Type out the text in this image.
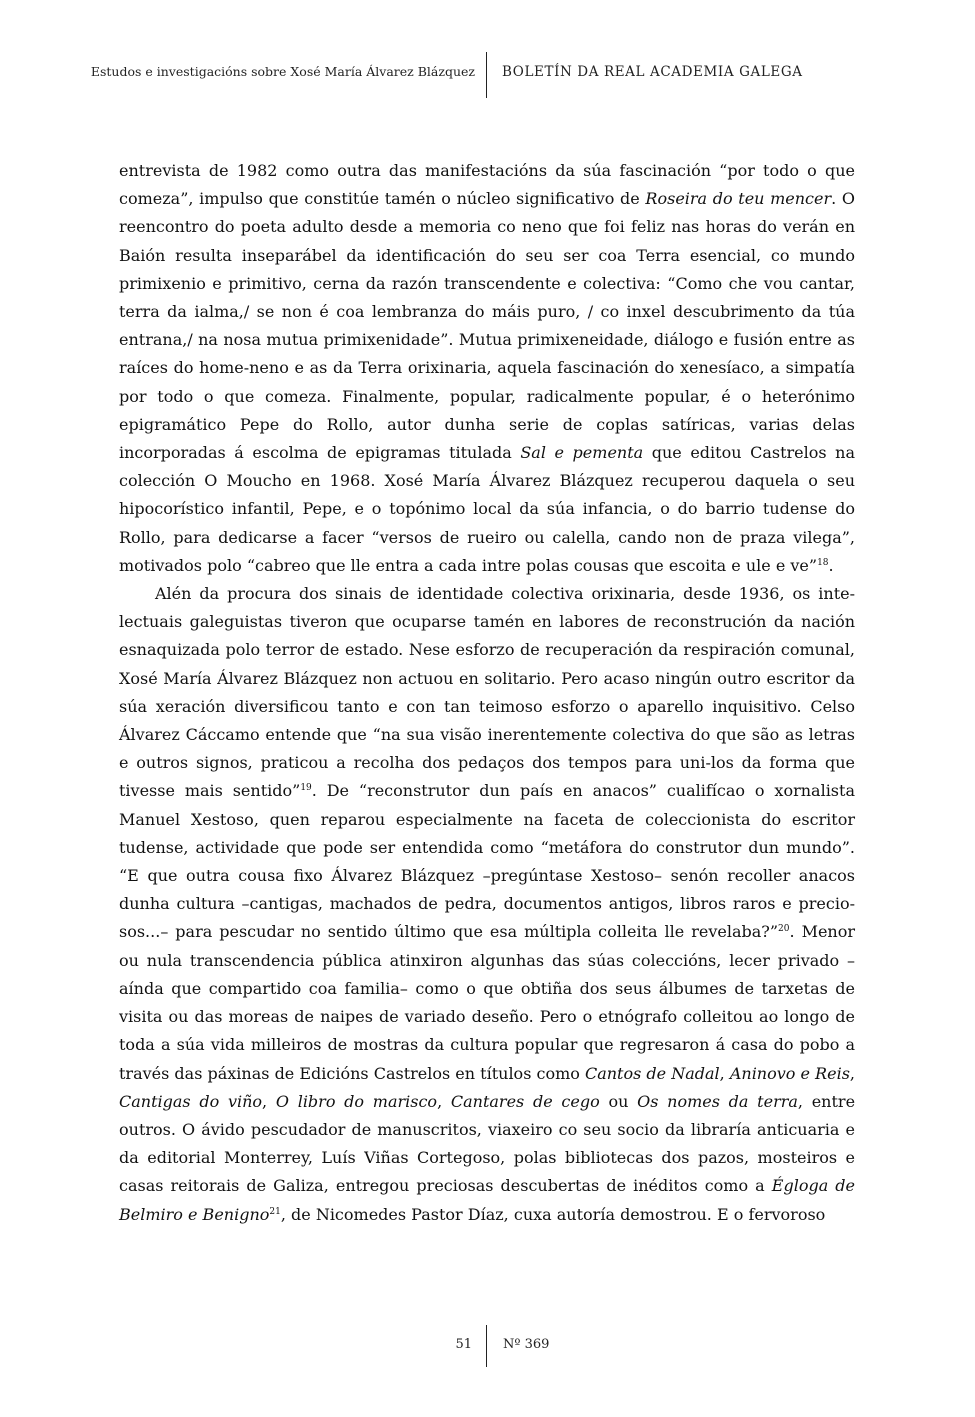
Estudos e investigacións sobre Xosé María Álvarez Blázquez BOLETÍN DA REAL ACADEMIA GALEGA

entrevista de 1982 como outra das manifestacións da súa fascinación “por todo o que comeza”, impulso que constitúe tamén o núcleo significativo de Roseira do teu mencer. O reencontro do poeta adulto desde a memoria co neno que foi feliz nas horas do verán en Baión resulta inseparábel da identificación do seu ser coa Terra esencial, co mundo primixenio e primitivo, cerna da razón transcendente e colectiva: “Como che vou cantar, terra da ialma,/ se non é coa lembranza do máis puro, / co inxel descubrimento da túa entrana,/ na nosa mutua primixenidade”. Mutua primixeneidade, diálogo e fusión entre as raíces do home-neno e as da Terra orixinaria, aquela fascinación do xenesíaco, a simpatía por todo o que comeza. Finalmente, popular, radicalmente popular, é o heterónimo epigramático Pepe do Rollo, autor dunha serie de coplas satíricas, varias delas incorporadas á escolma de epigramas titulada Sal e pementa que editou Castrelos na colección O Moucho en 1968. Xosé María Álvarez Blázquez recuperou daquela o seu hipocorístico infantil, Pepe, e o topónimo local da súa infancia, o do barrio tudense do Rollo, para dedicarse a facer “versos de rueiro ou calella, cando non de praza vilega”, motivados polo “cabreo que lle entra a cada intre polas cousas que escoita e ule e ve”$^{18}$.

Alén da procura dos sinais de identidade colectiva orixinaria, desde 1936, os intelectuais galeguistas tiveron que ocuparse tamén en labores de reconstrución da nación esnaquizada polo terror de estado. Nese esforzo de recuperación da respiración comunal, Xosé María Álvarez Blázquez non actuou en solitario. Pero acaso ningún outro escritor da súa xeración diversificou tanto e con tan teimoso esforzo o aparello inquisitivo. Celso Álvarez Cáccamo entende que “na sua visão inerentemente colectiva do que são as letras e outros signos, praticou a recolha dos pedaços dos tempos para uni-los da forma que tivesse mais sentido”$^{19}$. De “reconstrutor dun país en anacos” cualifícao o xornalista Manuel Xestoso, quen reparou especialmente na faceta de coleccionista do escritor tudense, actividade que pode ser entendida como “metáfora do construtor dun mundo”. “E que outra cousa fixo Álvarez Blázquez –pregúntase Xestoso– senón recoller anacos dunha cultura –cantigas, machados de pedra, documentos antigos, libros raros e preciosos...– para pescudar no sentido último que esa múltipla colleita lle revelaba?”$^{20}$. Menor ou nula transcendencia pública atinxiron algunhas das súas coleccións, lecer privado –aínda que compartido coa familia– como o que obtiña dos seus álbumes de tarxetas de visita ou das moreas de naipes de variado deseño. Pero o etnógrafo colleitou ao longo de toda a súa vida milleiros de mostras da cultura popular que regresaron á casa do pobo a través das páxinas de Edicións Castrelos en títulos como Cantos de Nadal, Aninovo e Reis, Cantigas do viño, O libro do marisco, Cantares de cego ou Os nomes da terra, entre outros. O ávido pescudador de manuscritos, viaxeiro co seu socio da libraría anticuaria e da editorial Monterrey, Luís Viñas Cortegoso, polas bibliotecas dos pazos, mosteiros e casas reitorais de Galiza, entregou preciosas descubertas de inéditos como a Égloga de Belmiro e Benigno$^{21}$, de Nicomedes Pastor Díaz, cuxa autoría demostrou. E o fervoroso

51 Nº 369
